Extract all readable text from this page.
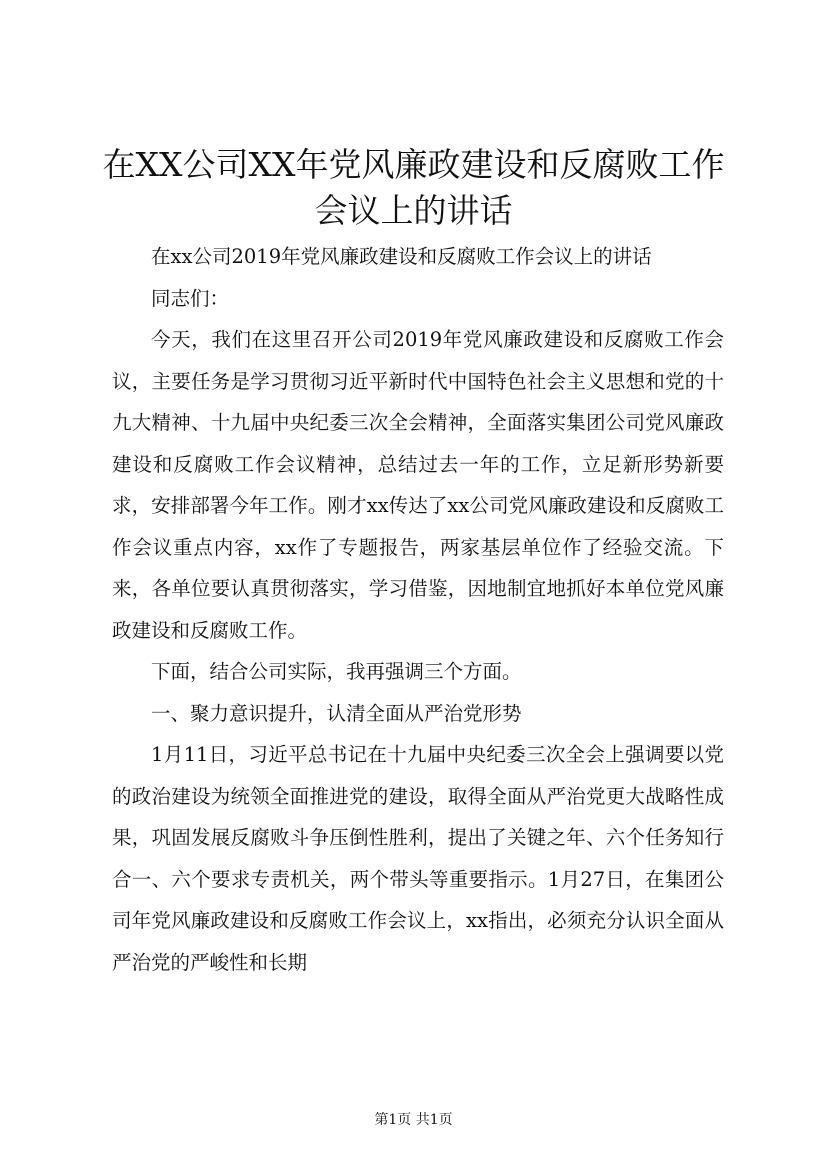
在XX公司XX年党风廉政建设和反腐败工作会议上的讲话

在xx公司2019年党风廉政建设和反腐败工作会议上的讲话

同志们：

今天，我们在这里召开公司2019年党风廉政建设和反腐败工作会议，主要任务是学习贯彻习近平新时代中国特色社会主义思想和党的十九大精神、十九届中央纪委三次全会精神，全面落实集团公司党风廉政建设和反腐败工作会议精神，总结过去一年的工作，立足新形势新要求，安排部署今年工作。刚才xx传达了xx公司党风廉政建设和反腐败工作会议重点内容，xx作了专题报告，两家基层单位作了经验交流。下来，各单位要认真贯彻落实，学习借鉴，因地制宜地抓好本单位党风廉政建设和反腐败工作。

下面，结合公司实际，我再强调三个方面。

一、聚力意识提升，认清全面从严治党形势

1月11日，习近平总书记在十九届中央纪委三次全会上强调要以党的政治建设为统领全面推进党的建设，取得全面从严治党更大战略性成果，巩固发展反腐败斗争压倒性胜利，提出了关键之年、六个任务知行合一、六个要求专责机关，两个带头等重要指示。1月27日，在集团公司年党风廉政建设和反腐败工作会议上，xx指出，必须充分认识全面从严治党的严峻性和长期

第1页 共1页
